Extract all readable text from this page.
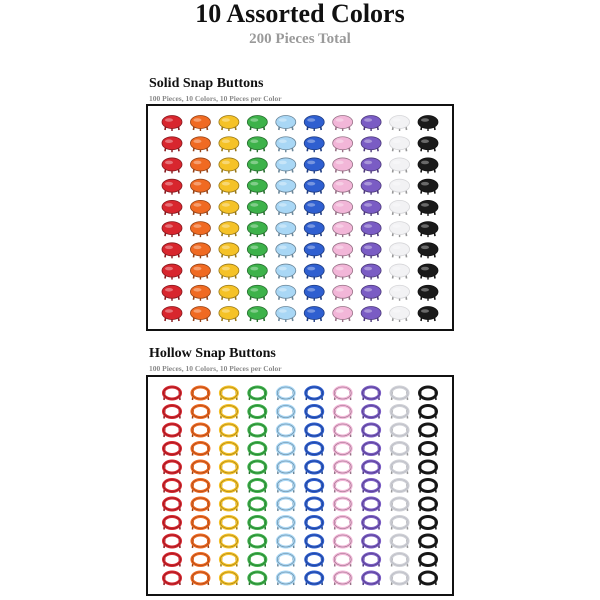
10 Assorted Colors
200 Pieces Total
Solid Snap Buttons
100 Pieces, 10 Colors, 10 Pieces per Color
Hollow Snap Buttons
100 Pieces, 10 Colors, 10 Pieces per Color
